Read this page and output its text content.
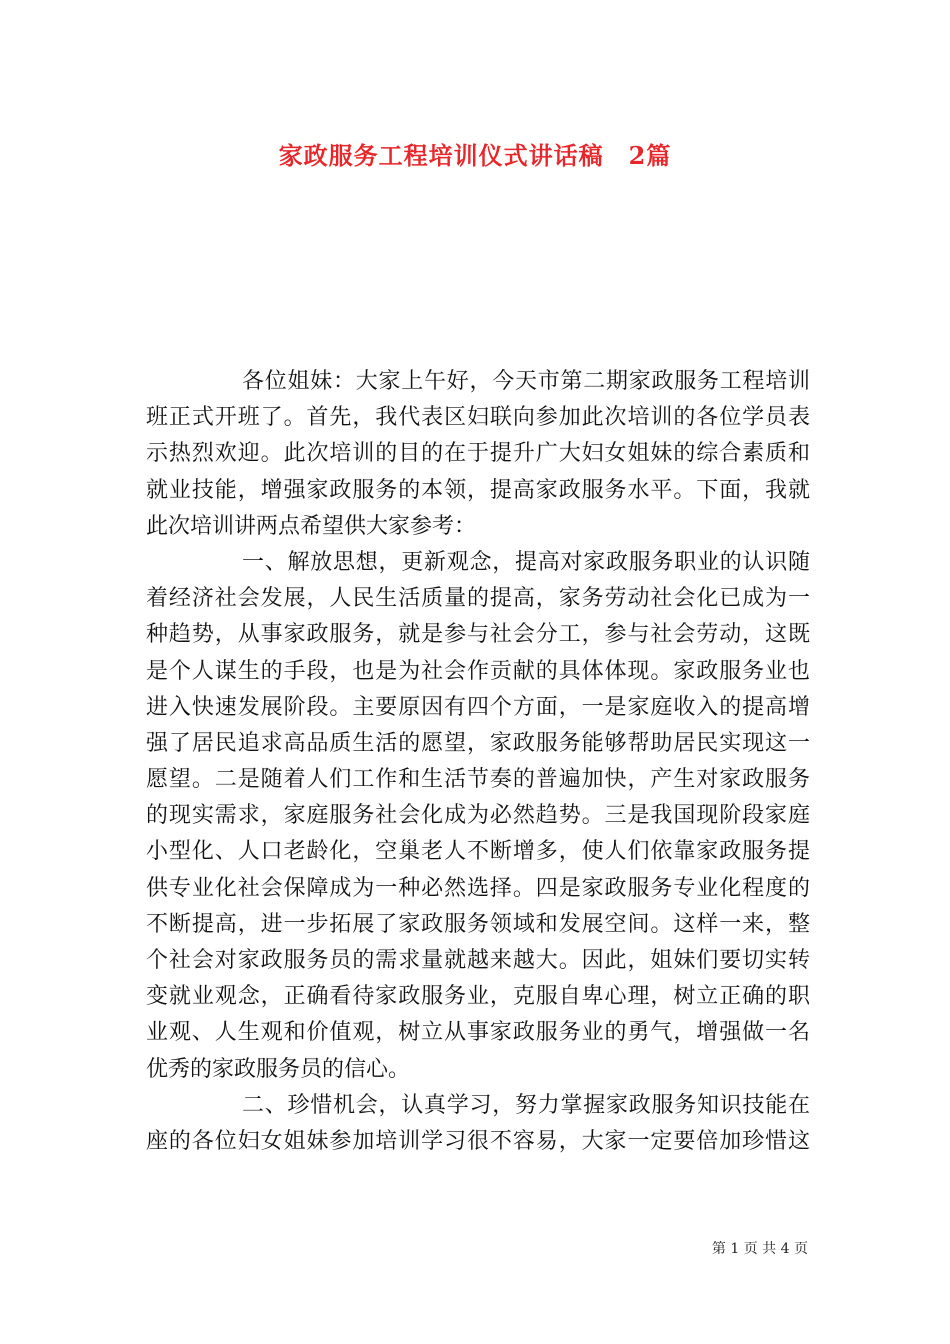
家政服务工程培训仪式讲话稿　2篇
各位姐妹：大家上午好，今天市第二期家政服务工程培训
班正式开班了。首先，我代表区妇联向参加此次培训的各位学员表
示热烈欢迎。此次培训的目的在于提升广大妇女姐妹的综合素质和
就业技能，增强家政服务的本领，提高家政服务水平。下面，我就
此次培训讲两点希望供大家参考：
一、解放思想，更新观念，提高对家政服务职业的认识随
着经济社会发展，人民生活质量的提高，家务劳动社会化已成为一
种趋势，从事家政服务，就是参与社会分工，参与社会劳动，这既
是个人谋生的手段，也是为社会作贡献的具体体现。家政服务业也
进入快速发展阶段。主要原因有四个方面，一是家庭收入的提高增
强了居民追求高品质生活的愿望，家政服务能够帮助居民实现这一
愿望。二是随着人们工作和生活节奏的普遍加快，产生对家政服务
的现实需求，家庭服务社会化成为必然趋势。三是我国现阶段家庭
小型化、人口老龄化，空巢老人不断增多，使人们依靠家政服务提
供专业化社会保障成为一种必然选择。四是家政服务专业化程度的
不断提高，进一步拓展了家政服务领域和发展空间。这样一来，整
个社会对家政服务员的需求量就越来越大。因此，姐妹们要切实转
变就业观念，正确看待家政服务业，克服自卑心理，树立正确的职
业观、人生观和价值观，树立从事家政服务业的勇气，增强做一名
优秀的家政服务员的信心。
二、珍惜机会，认真学习，努力掌握家政服务知识技能在
座的各位妇女姐妹参加培训学习很不容易，大家一定要倍加珍惜这
第 1 页 共 4 页
